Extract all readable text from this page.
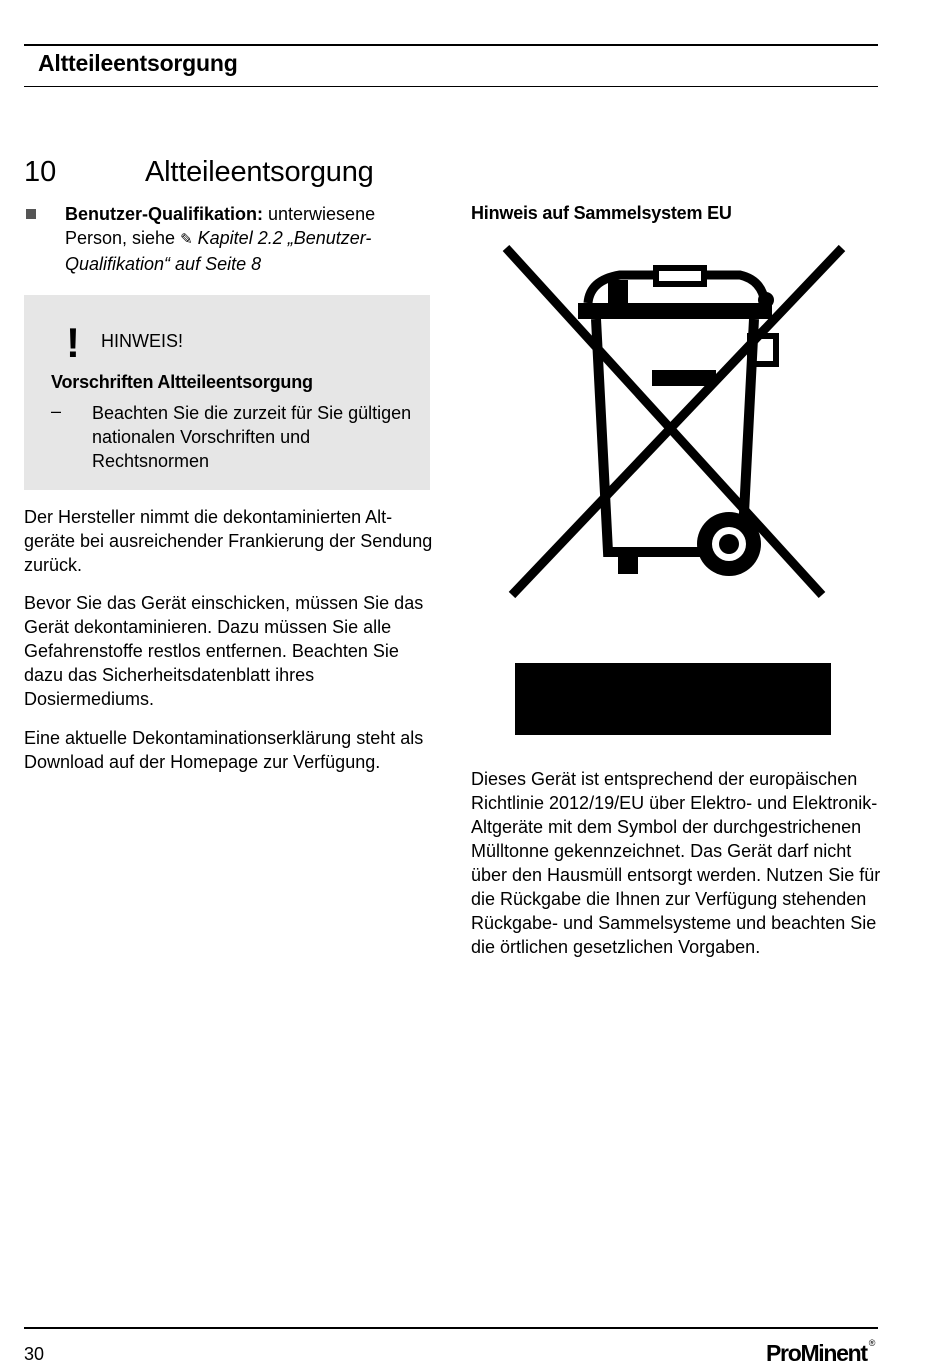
Altteileentsorgung
10	Altteileentsorgung
Benutzer-Qualifikation: unterwiesene Person, siehe ✎ Kapitel 2.2 „Benutzer-Qualifikation“ auf Seite 8
! HINWEIS!
Vorschriften Altteileentsorgung
– Beachten Sie die zurzeit für Sie gültigen nationalen Vorschriften und Rechtsnormen
Der Hersteller nimmt die dekontaminierten Altgeräte bei ausreichender Frankierung der Sendung zurück.
Bevor Sie das Gerät einschicken, müssen Sie das Gerät dekontaminieren. Dazu müssen Sie alle Gefahrenstoffe restlos entfernen. Beachten Sie dazu das Sicherheitsdatenblatt ihres Dosiermediums.
Eine aktuelle Dekontaminationserklärung steht als Download auf der Homepage zur Verfügung.
Hinweis auf Sammelsystem EU
Dieses Gerät ist entsprechend der europäischen Richtlinie 2012/19/EU über Elektro- und Elektronik-Altgeräte mit dem Symbol der durchgestrichenen Mülltonne gekennzeichnet. Das Gerät darf nicht über den Hausmüll entsorgt werden. Nutzen Sie für die Rückgabe die Ihnen zur Verfügung stehenden Rückgabe- und Sammelsysteme und beachten Sie die örtlichen gesetzlichen Vorgaben.
30	ProMinent ®
